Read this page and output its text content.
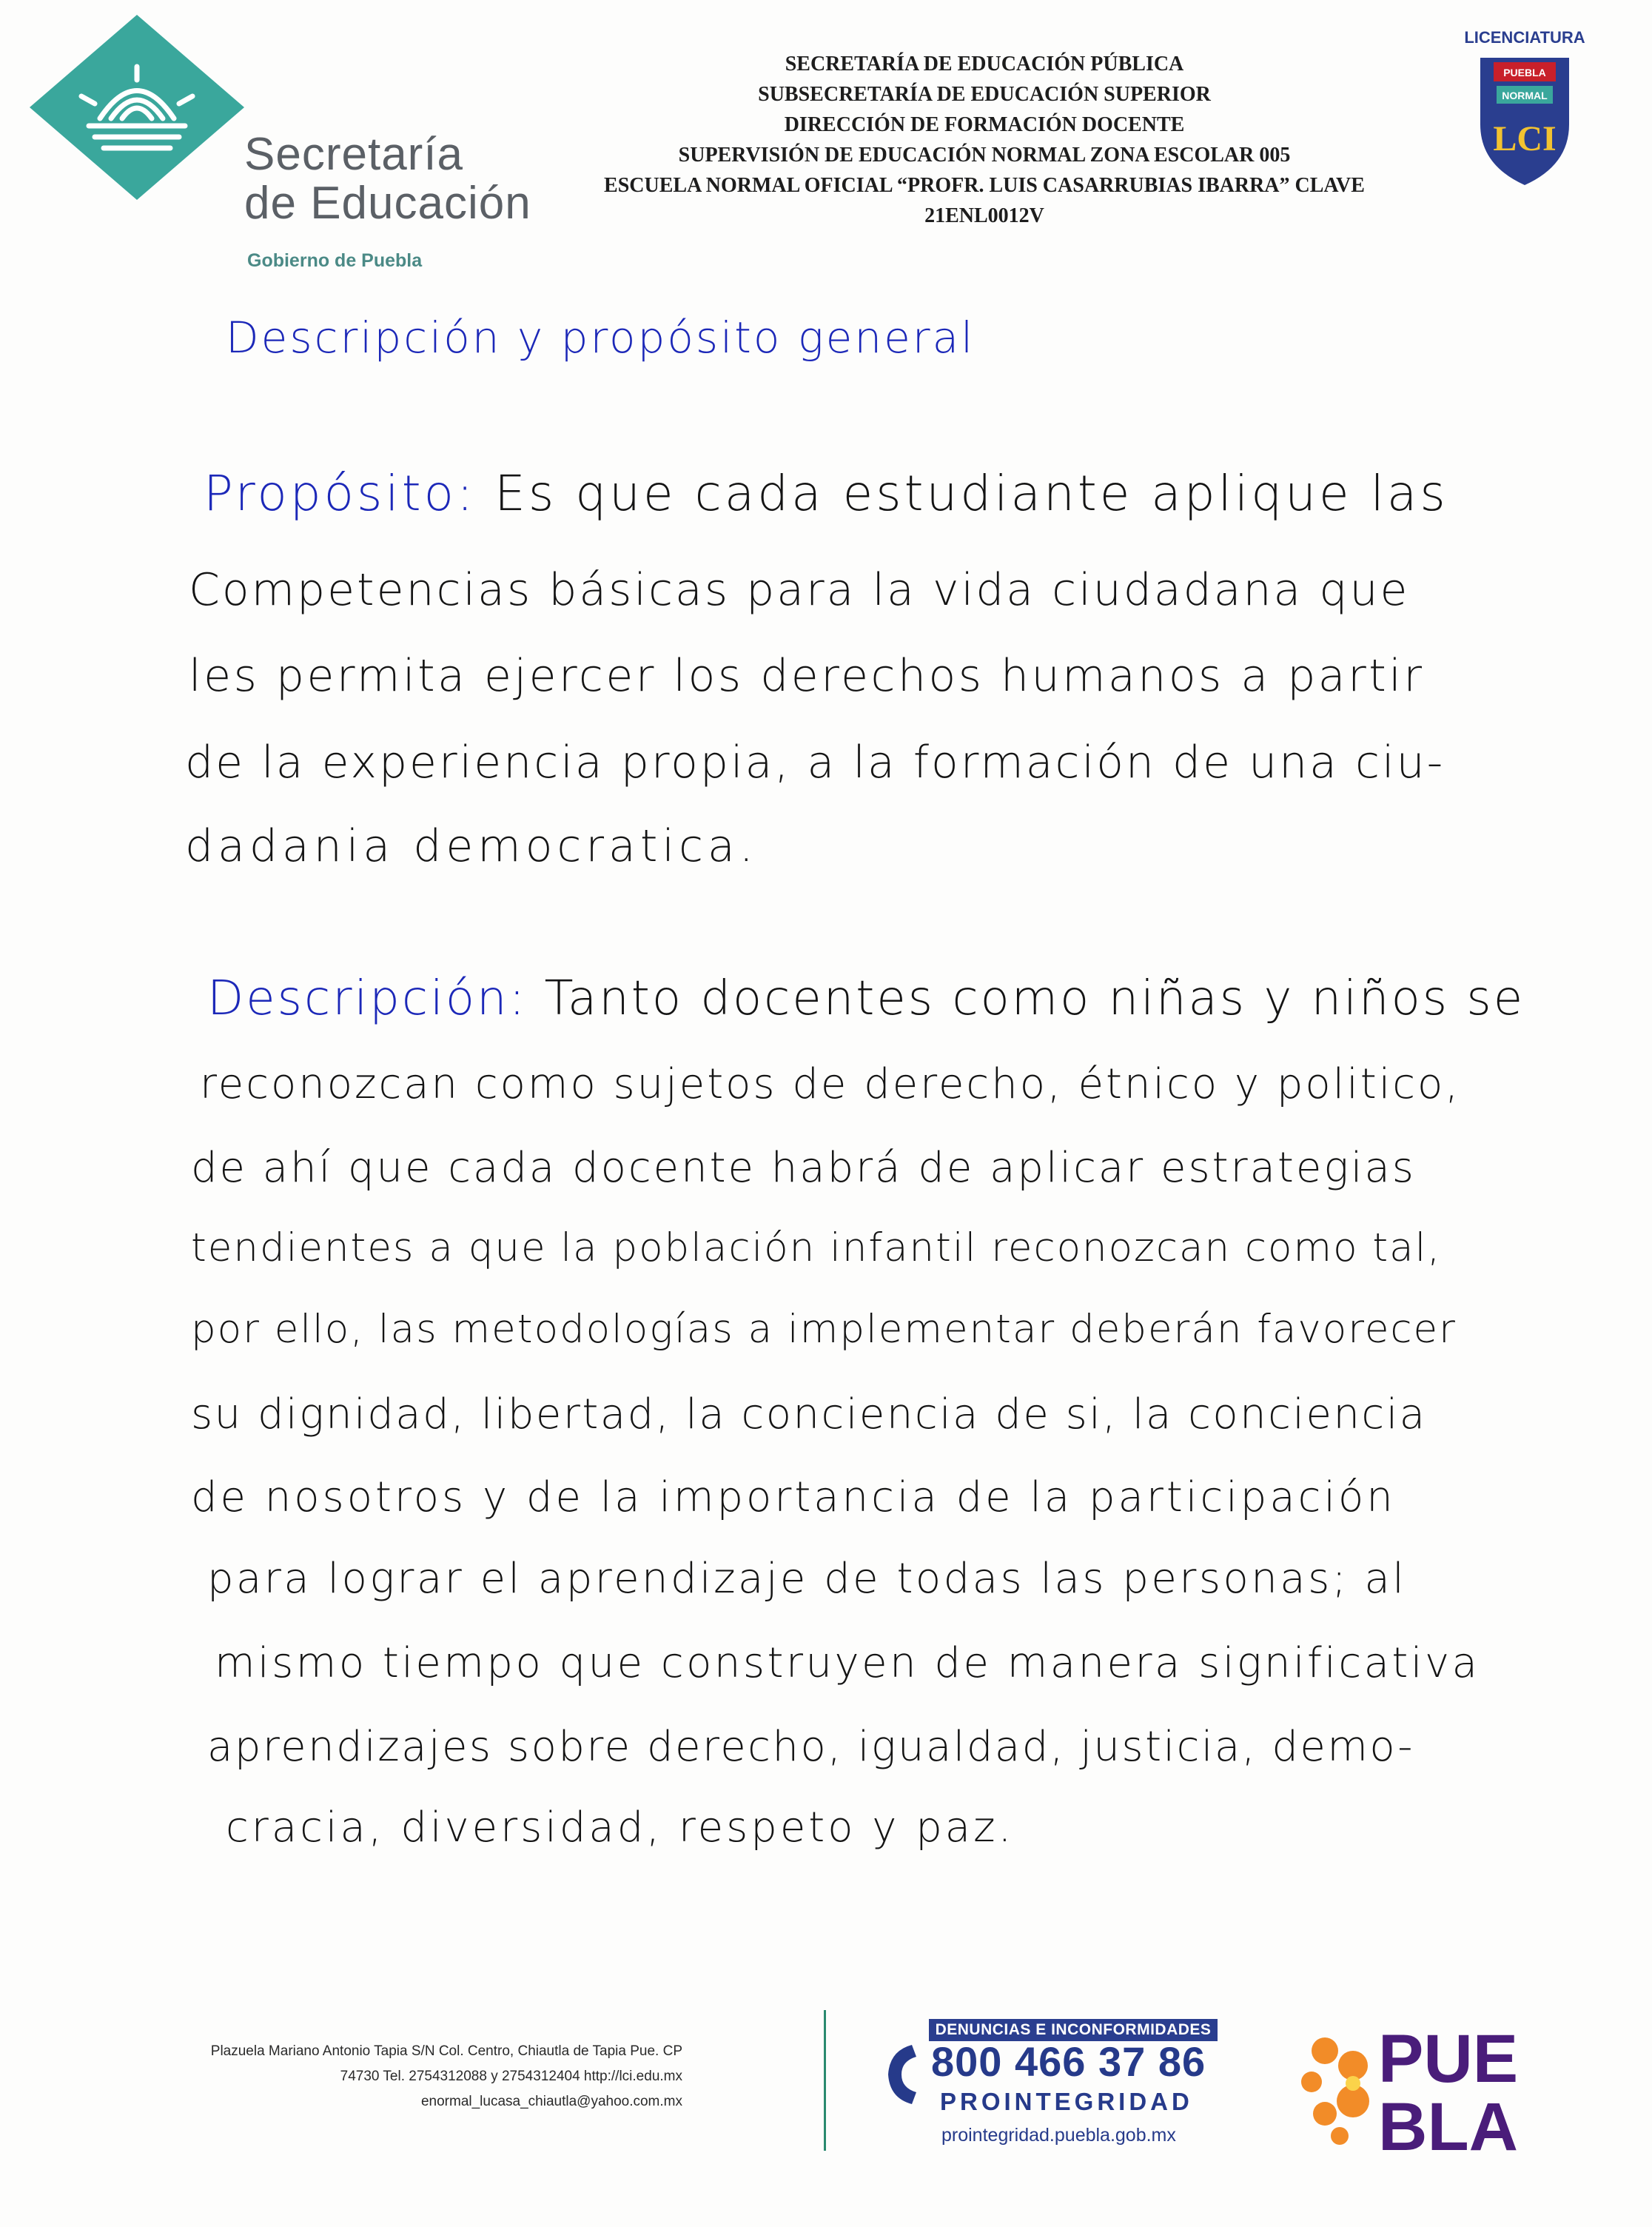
Secretaría
de Educación
Gobierno de Puebla
SECRETARÍA DE EDUCACIÓN PÚBLICA
SUBSECRETARÍA DE EDUCACIÓN SUPERIOR
DIRECCIÓN DE FORMACIÓN DOCENTE
SUPERVISIÓN DE EDUCACIÓN NORMAL ZONA ESCOLAR 005
ESCUELA NORMAL OFICIAL “PROFR. LUIS CASARRUBIAS IBARRA” CLAVE
21ENL0012V
LICENCIATURA
PUEBLA
NORMAL
LCI
Descripción y propósito general
Propósito: Es que cada estudiante aplique las
Competencias básicas para la vida ciudadana que
les permita ejercer los derechos humanos a partir
de la experiencia propia, a la formación de una ciu-
dadania democratica.
Descripción: Tanto docentes como niñas y niños se
reconozcan como sujetos de derecho, étnico y politico,
de ahí que cada docente habrá de aplicar estrategias
tendientes a que la población infantil reconozcan como tal,
por ello, las metodologías a implementar deberán favorecer
su dignidad, libertad, la conciencia de si, la conciencia
de nosotros y de la importancia de la participación
para lograr el aprendizaje de todas las personas; al
mismo tiempo que construyen de manera significativa
aprendizajes sobre derecho, igualdad, justicia, demo-
cracia, diversidad, respeto y paz.
Plazuela Mariano Antonio Tapia S/N Col. Centro, Chiautla de Tapia Pue. CP
74730 Tel. 2754312088 y 2754312404 http://lci.edu.mx
enormal_lucasa_chiautla@yahoo.com.mx
DENUNCIAS E INCONFORMIDADES
800 466 37 86
PROINTEGRIDAD
prointegridad.puebla.gob.mx
PUE
BLA
